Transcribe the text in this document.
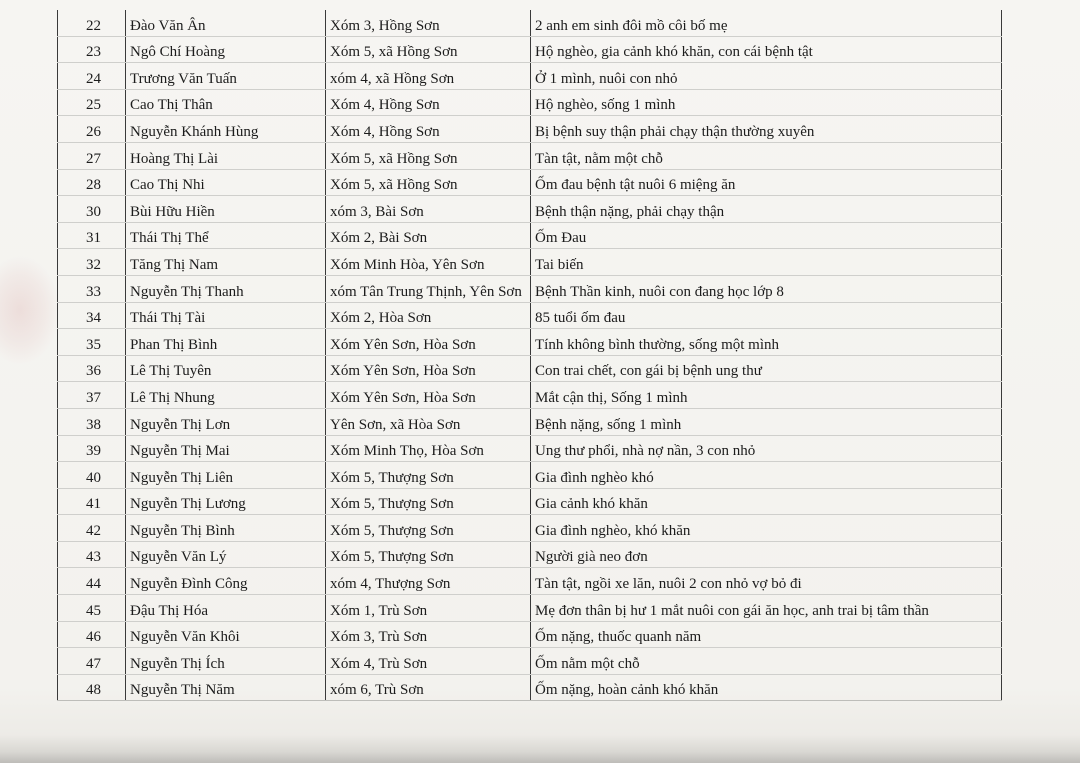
22	Đào Văn Ân	Xóm 3, Hồng Sơn	2 anh em sinh đôi mồ côi bố mẹ
23	Ngô Chí Hoàng	Xóm 5, xã Hồng Sơn	Hộ nghèo, gia cảnh khó khăn, con cái bệnh tật
24	Trương Văn Tuấn	xóm 4, xã Hồng Sơn	Ở 1 mình, nuôi con nhỏ
25	Cao Thị Thân	Xóm 4, Hồng Sơn	Hộ nghèo, sống 1 mình
26	Nguyễn Khánh Hùng	Xóm 4, Hồng Sơn	Bị bệnh suy thận phải chạy thận thường xuyên
27	Hoàng Thị Lài	Xóm 5, xã Hồng Sơn	Tàn tật, nằm một chỗ
28	Cao Thị Nhi	Xóm 5, xã Hồng Sơn	Ốm đau bệnh tật nuôi 6 miệng ăn
30	Bùi Hữu Hiền	xóm 3, Bài Sơn	Bệnh thận nặng, phải chạy thận
31	Thái Thị Thể	Xóm 2, Bài Sơn	Ốm Đau
32	Tăng Thị Nam	Xóm Minh Hòa, Yên Sơn	Tai biến
33	Nguyễn Thị Thanh	xóm Tân Trung Thịnh, Yên Sơn	Bệnh Thần kinh, nuôi con đang học lớp 8
34	Thái Thị Tài	Xóm 2, Hòa Sơn	85 tuổi ốm đau
35	Phan Thị Bình	Xóm Yên Sơn, Hòa Sơn	Tính không bình thường, sống một mình
36	Lê Thị Tuyên	Xóm Yên Sơn, Hòa Sơn	Con trai chết, con gái bị bệnh ung thư
37	Lê Thị Nhung	Xóm Yên Sơn, Hòa Sơn	Mắt cận thị, Sống 1 mình
38	Nguyễn Thị Lơn	Yên Sơn, xã Hòa Sơn	Bệnh nặng, sống 1 mình
39	Nguyễn Thị Mai	Xóm Minh Thọ, Hòa Sơn	Ung thư phổi, nhà nợ nần, 3 con nhỏ
40	Nguyễn Thị Liên	Xóm 5, Thượng Sơn	Gia đình nghèo khó
41	Nguyễn Thị Lương	Xóm 5, Thượng Sơn	Gia cảnh khó khăn
42	Nguyễn Thị Bình	Xóm 5, Thượng Sơn	Gia đình nghèo, khó khăn
43	Nguyễn Văn Lý	Xóm 5, Thượng Sơn	Người già neo đơn
44	Nguyễn Đình Công	xóm 4, Thượng Sơn	Tàn tật, ngồi xe lăn, nuôi 2 con nhỏ vợ bỏ đi
45	Đậu Thị Hóa	Xóm 1, Trù Sơn	Mẹ đơn thân bị hư 1 mắt nuôi con gái ăn học, anh trai bị tâm thần
46	Nguyễn Văn Khôi	Xóm 3, Trù Sơn	Ốm nặng, thuốc quanh năm
47	Nguyễn Thị Ích	Xóm 4, Trù Sơn	Ốm nằm một chỗ
48	Nguyễn Thị Năm	xóm 6, Trù Sơn	Ốm nặng, hoàn cảnh khó khăn
